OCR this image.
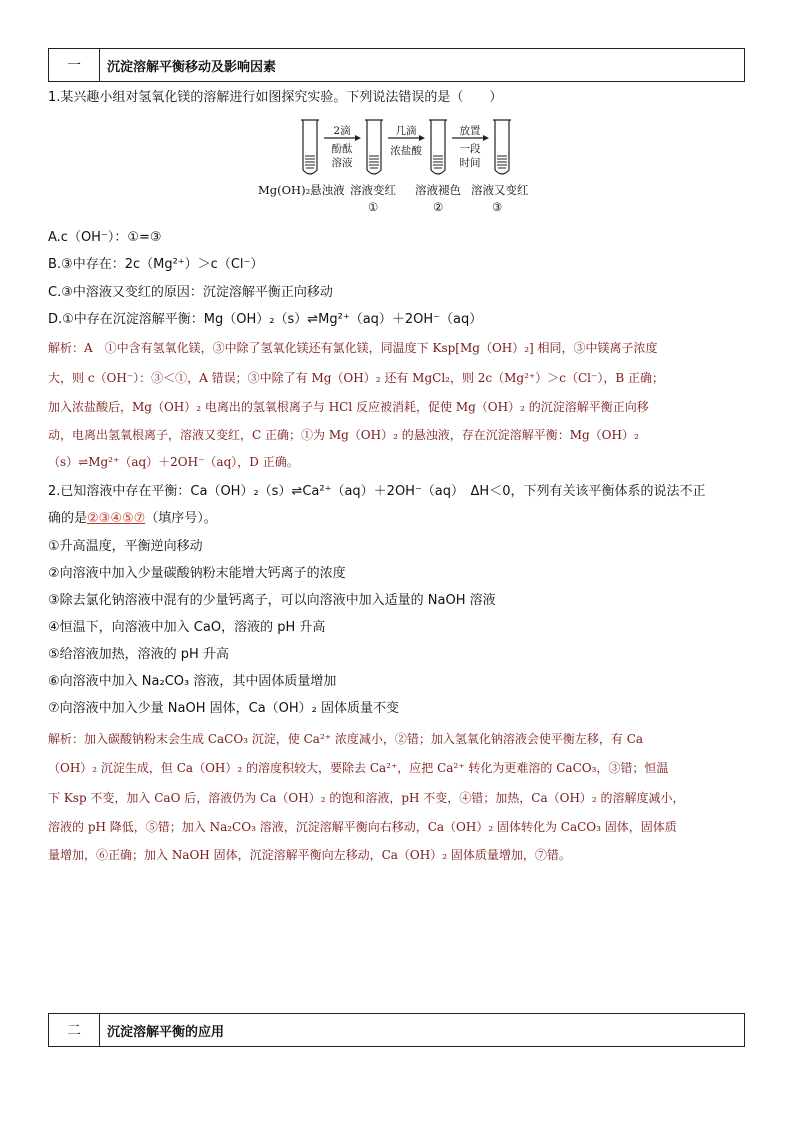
一	沉淀溶解平衡移动及影响因素
1.某兴趣小组对氢氧化镁的溶解进行如图探究实验。下列说法错误的是（　　）
2滴
酚酞
溶液
几滴
浓盐酸
放置
一段
时间
Mg(OH)₂悬浊液 溶液变红 溶液褪色 溶液又变红
①	②	③
A.c（OH⁻）：①=③
B.③中存在：2c（Mg²⁺）＞c（Cl⁻）
C.③中溶液又变红的原因：沉淀溶解平衡正向移动
D.①中存在沉淀溶解平衡：Mg（OH）₂（s）⇌Mg²⁺（aq）＋2OH⁻（aq）
解析：A　①中含有氢氧化镁，③中除了氢氧化镁还有氯化镁，同温度下 Ksp[Mg（OH）₂] 相同，③中镁离子浓度
大，则 c（OH⁻）：③＜①，A 错误；③中除了有 Mg（OH）₂ 还有 MgCl₂，则 2c（Mg²⁺）＞c（Cl⁻），B 正确；
加入浓盐酸后，Mg（OH）₂ 电离出的氢氧根离子与 HCl 反应被消耗，促使 Mg（OH）₂ 的沉淀溶解平衡正向移
动，电离出氢氧根离子，溶液又变红，C 正确；①为 Mg（OH）₂ 的悬浊液，存在沉淀溶解平衡：Mg（OH）₂
（s）⇌Mg²⁺（aq）＋2OH⁻（aq），D 正确。
2.已知溶液中存在平衡：Ca（OH）₂（s）⇌Ca²⁺（aq）＋2OH⁻（aq）　ΔH＜0，下列有关该平衡体系的说法不正
确的是②③④⑤⑦（填序号）。
①升高温度，平衡逆向移动
②向溶液中加入少量碳酸钠粉末能增大钙离子的浓度
③除去氯化钠溶液中混有的少量钙离子，可以向溶液中加入适量的 NaOH 溶液
④恒温下，向溶液中加入 CaO，溶液的 pH 升高
⑤给溶液加热，溶液的 pH 升高
⑥向溶液中加入 Na₂CO₃ 溶液，其中固体质量增加
⑦向溶液中加入少量 NaOH 固体，Ca（OH）₂ 固体质量不变
解析：加入碳酸钠粉末会生成 CaCO₃ 沉淀，使 Ca²⁺ 浓度减小，②错；加入氢氧化钠溶液会使平衡左移，有 Ca
（OH）₂ 沉淀生成，但 Ca（OH）₂ 的溶度积较大，要除去 Ca²⁺，应把 Ca²⁺ 转化为更难溶的 CaCO₃，③错；恒温
下 Ksp 不变，加入 CaO 后，溶液仍为 Ca（OH）₂ 的饱和溶液，pH 不变，④错；加热，Ca（OH）₂ 的溶解度减小，
溶液的 pH 降低，⑤错；加入 Na₂CO₃ 溶液，沉淀溶解平衡向右移动，Ca（OH）₂ 固体转化为 CaCO₃ 固体，固体质
量增加，⑥正确；加入 NaOH 固体，沉淀溶解平衡向左移动，Ca（OH）₂ 固体质量增加，⑦错。
二	沉淀溶解平衡的应用
